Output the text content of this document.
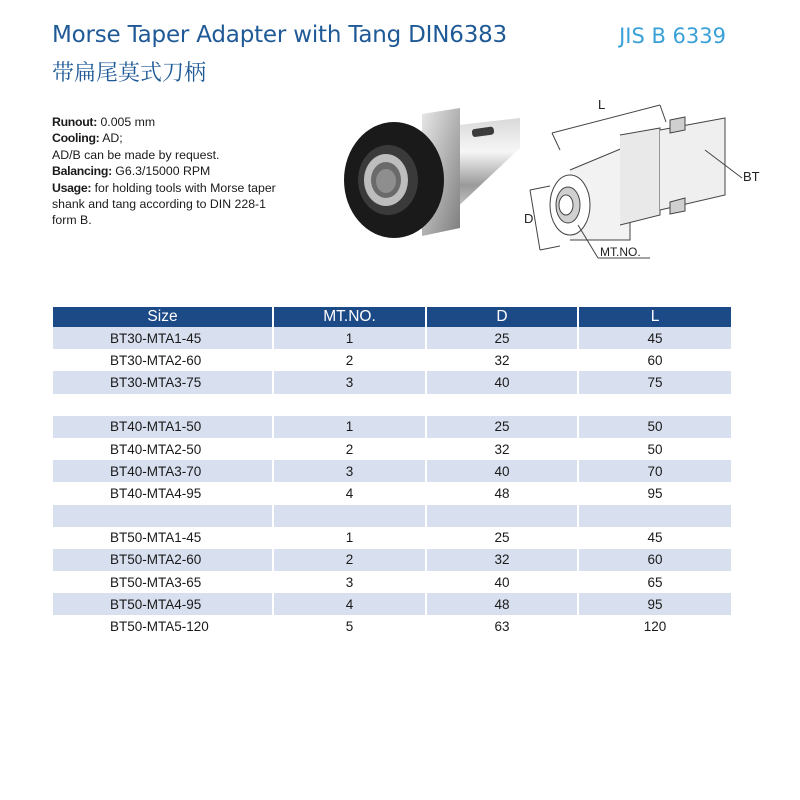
Morse Taper Adapter with Tang DIN6383
带扁尾莫式刀柄
JIS B 6339
Runout: 0.005 mm
Cooling: AD;
AD/B can be made by request.
Balancing: G6.3/15000 RPM
Usage: for holding tools with Morse taper shank and tang according to DIN 228-1 form B.
L
D
BT
MT.NO.
Size	MT.NO.	D	L
BT30-MTA1-45	1	25	45
BT30-MTA2-60	2	32	60
BT30-MTA3-75	3	40	75

BT40-MTA1-50	1	25	50
BT40-MTA2-50	2	32	50
BT40-MTA3-70	3	40	70
BT40-MTA4-95	4	48	95

BT50-MTA1-45	1	25	45
BT50-MTA2-60	2	32	60
BT50-MTA3-65	3	40	65
BT50-MTA4-95	4	48	95
BT50-MTA5-120	5	63	120
